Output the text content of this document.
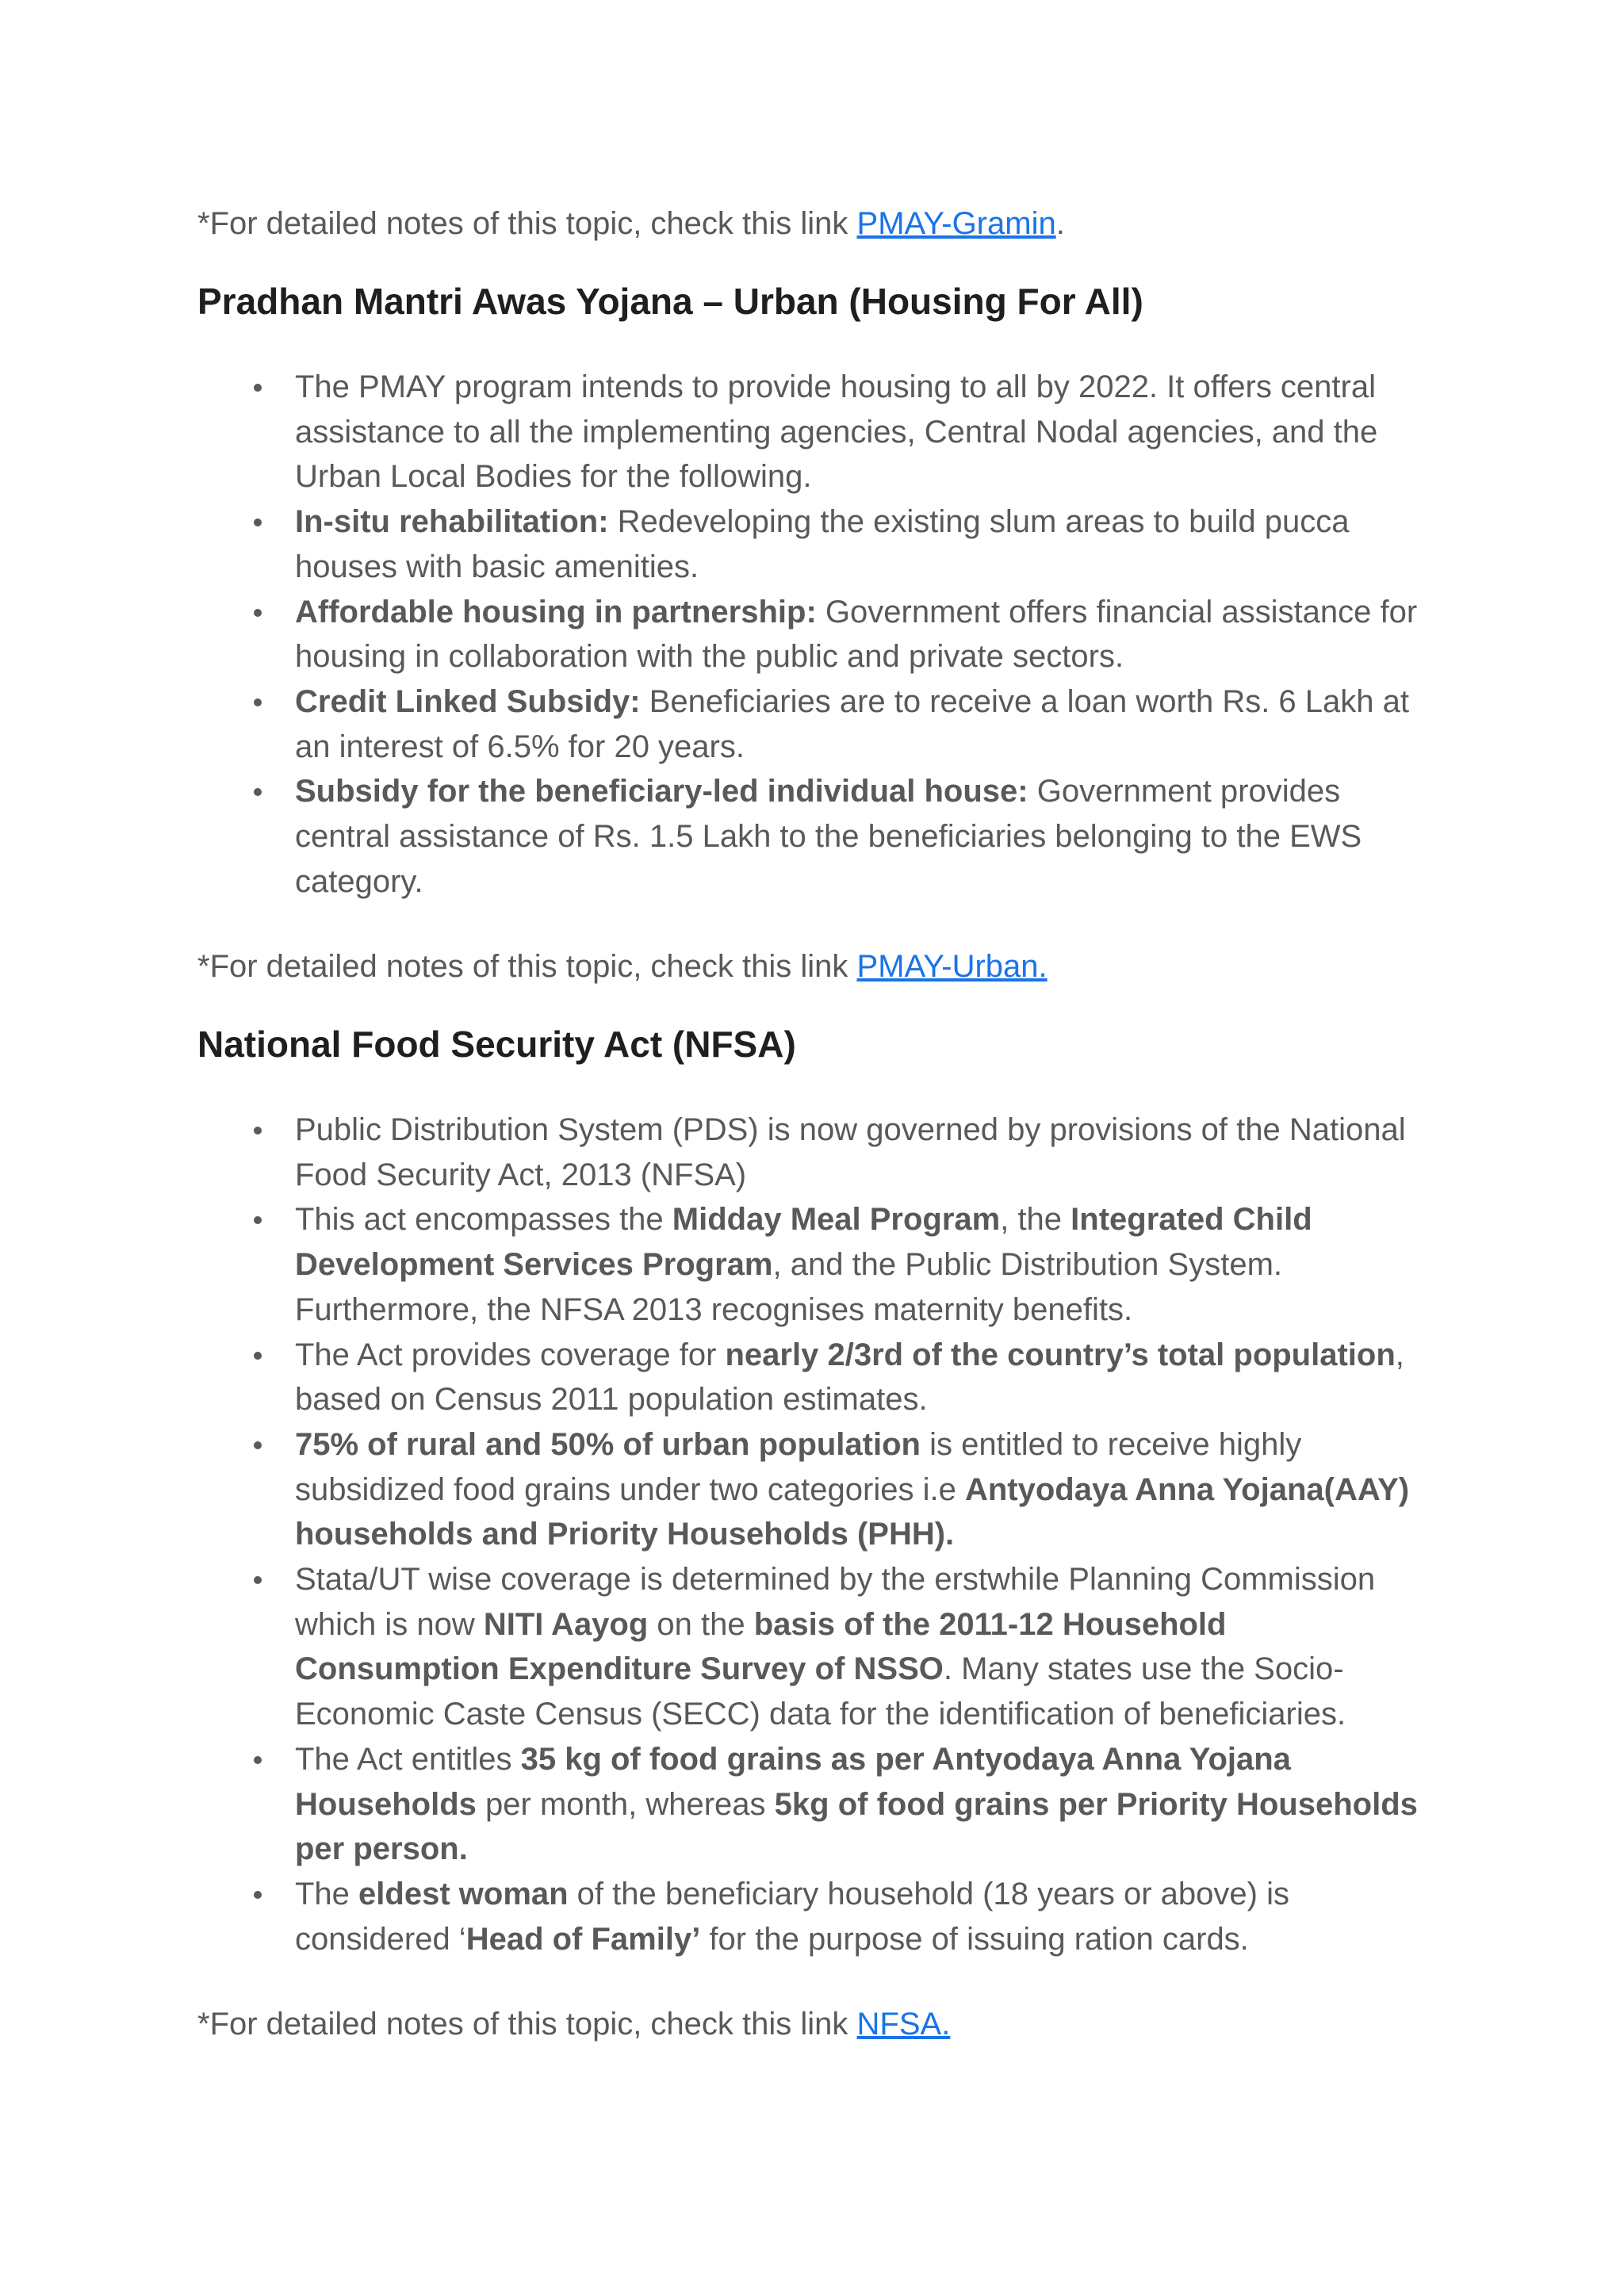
*For detailed notes of this topic, check this link PMAY-Gramin.
Pradhan Mantri Awas Yojana – Urban (Housing For All)
The PMAY program intends to provide housing to all by 2022. It offers central assistance to all the implementing agencies, Central Nodal agencies, and the Urban Local Bodies for the following.
In-situ rehabilitation: Redeveloping the existing slum areas to build pucca houses with basic amenities.
Affordable housing in partnership: Government offers financial assistance for housing in collaboration with the public and private sectors.
Credit Linked Subsidy: Beneficiaries are to receive a loan worth Rs. 6 Lakh at an interest of 6.5% for 20 years.
Subsidy for the beneficiary-led individual house: Government provides central assistance of Rs. 1.5 Lakh to the beneficiaries belonging to the EWS category.
*For detailed notes of this topic, check this link PMAY-Urban.
National Food Security Act (NFSA)
Public Distribution System (PDS) is now governed by provisions of the National Food Security Act, 2013 (NFSA)
This act encompasses the Midday Meal Program, the Integrated Child Development Services Program, and the Public Distribution System. Furthermore, the NFSA 2013 recognises maternity benefits.
The Act provides coverage for nearly 2/3rd of the country’s total population, based on Census 2011 population estimates.
75% of rural and 50% of urban population is entitled to receive highly subsidized food grains under two categories i.e Antyodaya Anna Yojana(AAY) households and Priority Households (PHH).
Stata/UT wise coverage is determined by the erstwhile Planning Commission which is now NITI Aayog on the basis of the 2011-12 Household Consumption Expenditure Survey of NSSO. Many states use the Socio-Economic Caste Census (SECC) data for the identification of beneficiaries.
The Act entitles 35 kg of food grains as per Antyodaya Anna Yojana Households per month, whereas 5kg of food grains per Priority Households per person.
The eldest woman of the beneficiary household (18 years or above) is considered ‘Head of Family’ for the purpose of issuing ration cards.
*For detailed notes of this topic, check this link NFSA.
